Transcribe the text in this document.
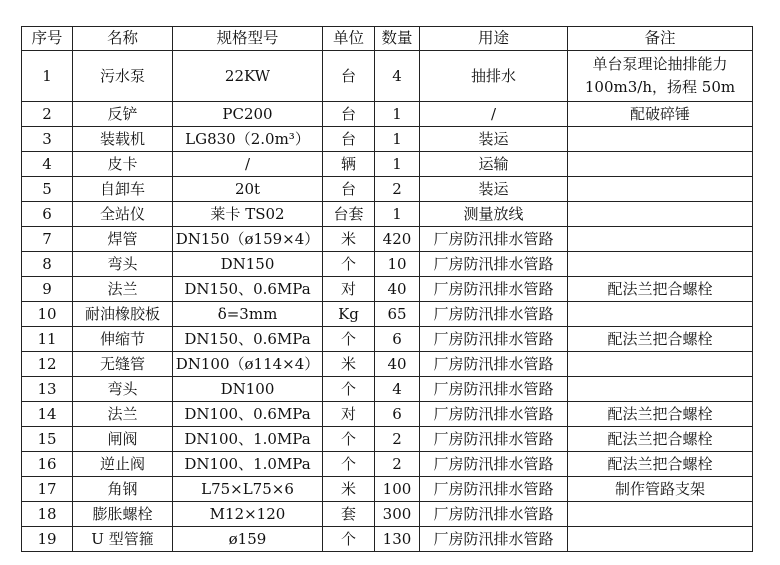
序号	名称	规格型号	单位	数量	用途	备注
1	污水泵	22KW	台	4	抽排水	单台泵理论抽排能力
100m3/h，扬程 50m

2	反铲	PC200	台	1	/	配破碎锤
3	装载机	LG830（2.0m³）	台	1	装运	
4	皮卡	/	辆	1	运输	
5	自卸车	20t	台	2	装运	
6	全站仪	莱卡 TS02	台套	1	测量放线	
7	焊管	DN150（ø159×4）	米	420	厂房防汛排水管路	
8	弯头	DN150	个	10	厂房防汛排水管路	
9	法兰	DN150、0.6MPa	对	40	厂房防汛排水管路	配法兰把合螺栓
10	耐油橡胶板	δ=3mm	Kg	65	厂房防汛排水管路	
11	伸缩节	DN150、0.6MPa	个	6	厂房防汛排水管路	配法兰把合螺栓
12	无缝管	DN100（ø114×4）	米	40	厂房防汛排水管路	
13	弯头	DN100	个	4	厂房防汛排水管路	
14	法兰	DN100、0.6MPa	对	6	厂房防汛排水管路	配法兰把合螺栓
15	闸阀	DN100、1.0MPa	个	2	厂房防汛排水管路	配法兰把合螺栓
16	逆止阀	DN100、1.0MPa	个	2	厂房防汛排水管路	配法兰把合螺栓
17	角钢	L75×L75×6	米	100	厂房防汛排水管路	制作管路支架
18	膨胀螺栓	M12×120	套	300	厂房防汛排水管路	
19	U 型管箍	ø159	个	130	厂房防汛排水管路	
